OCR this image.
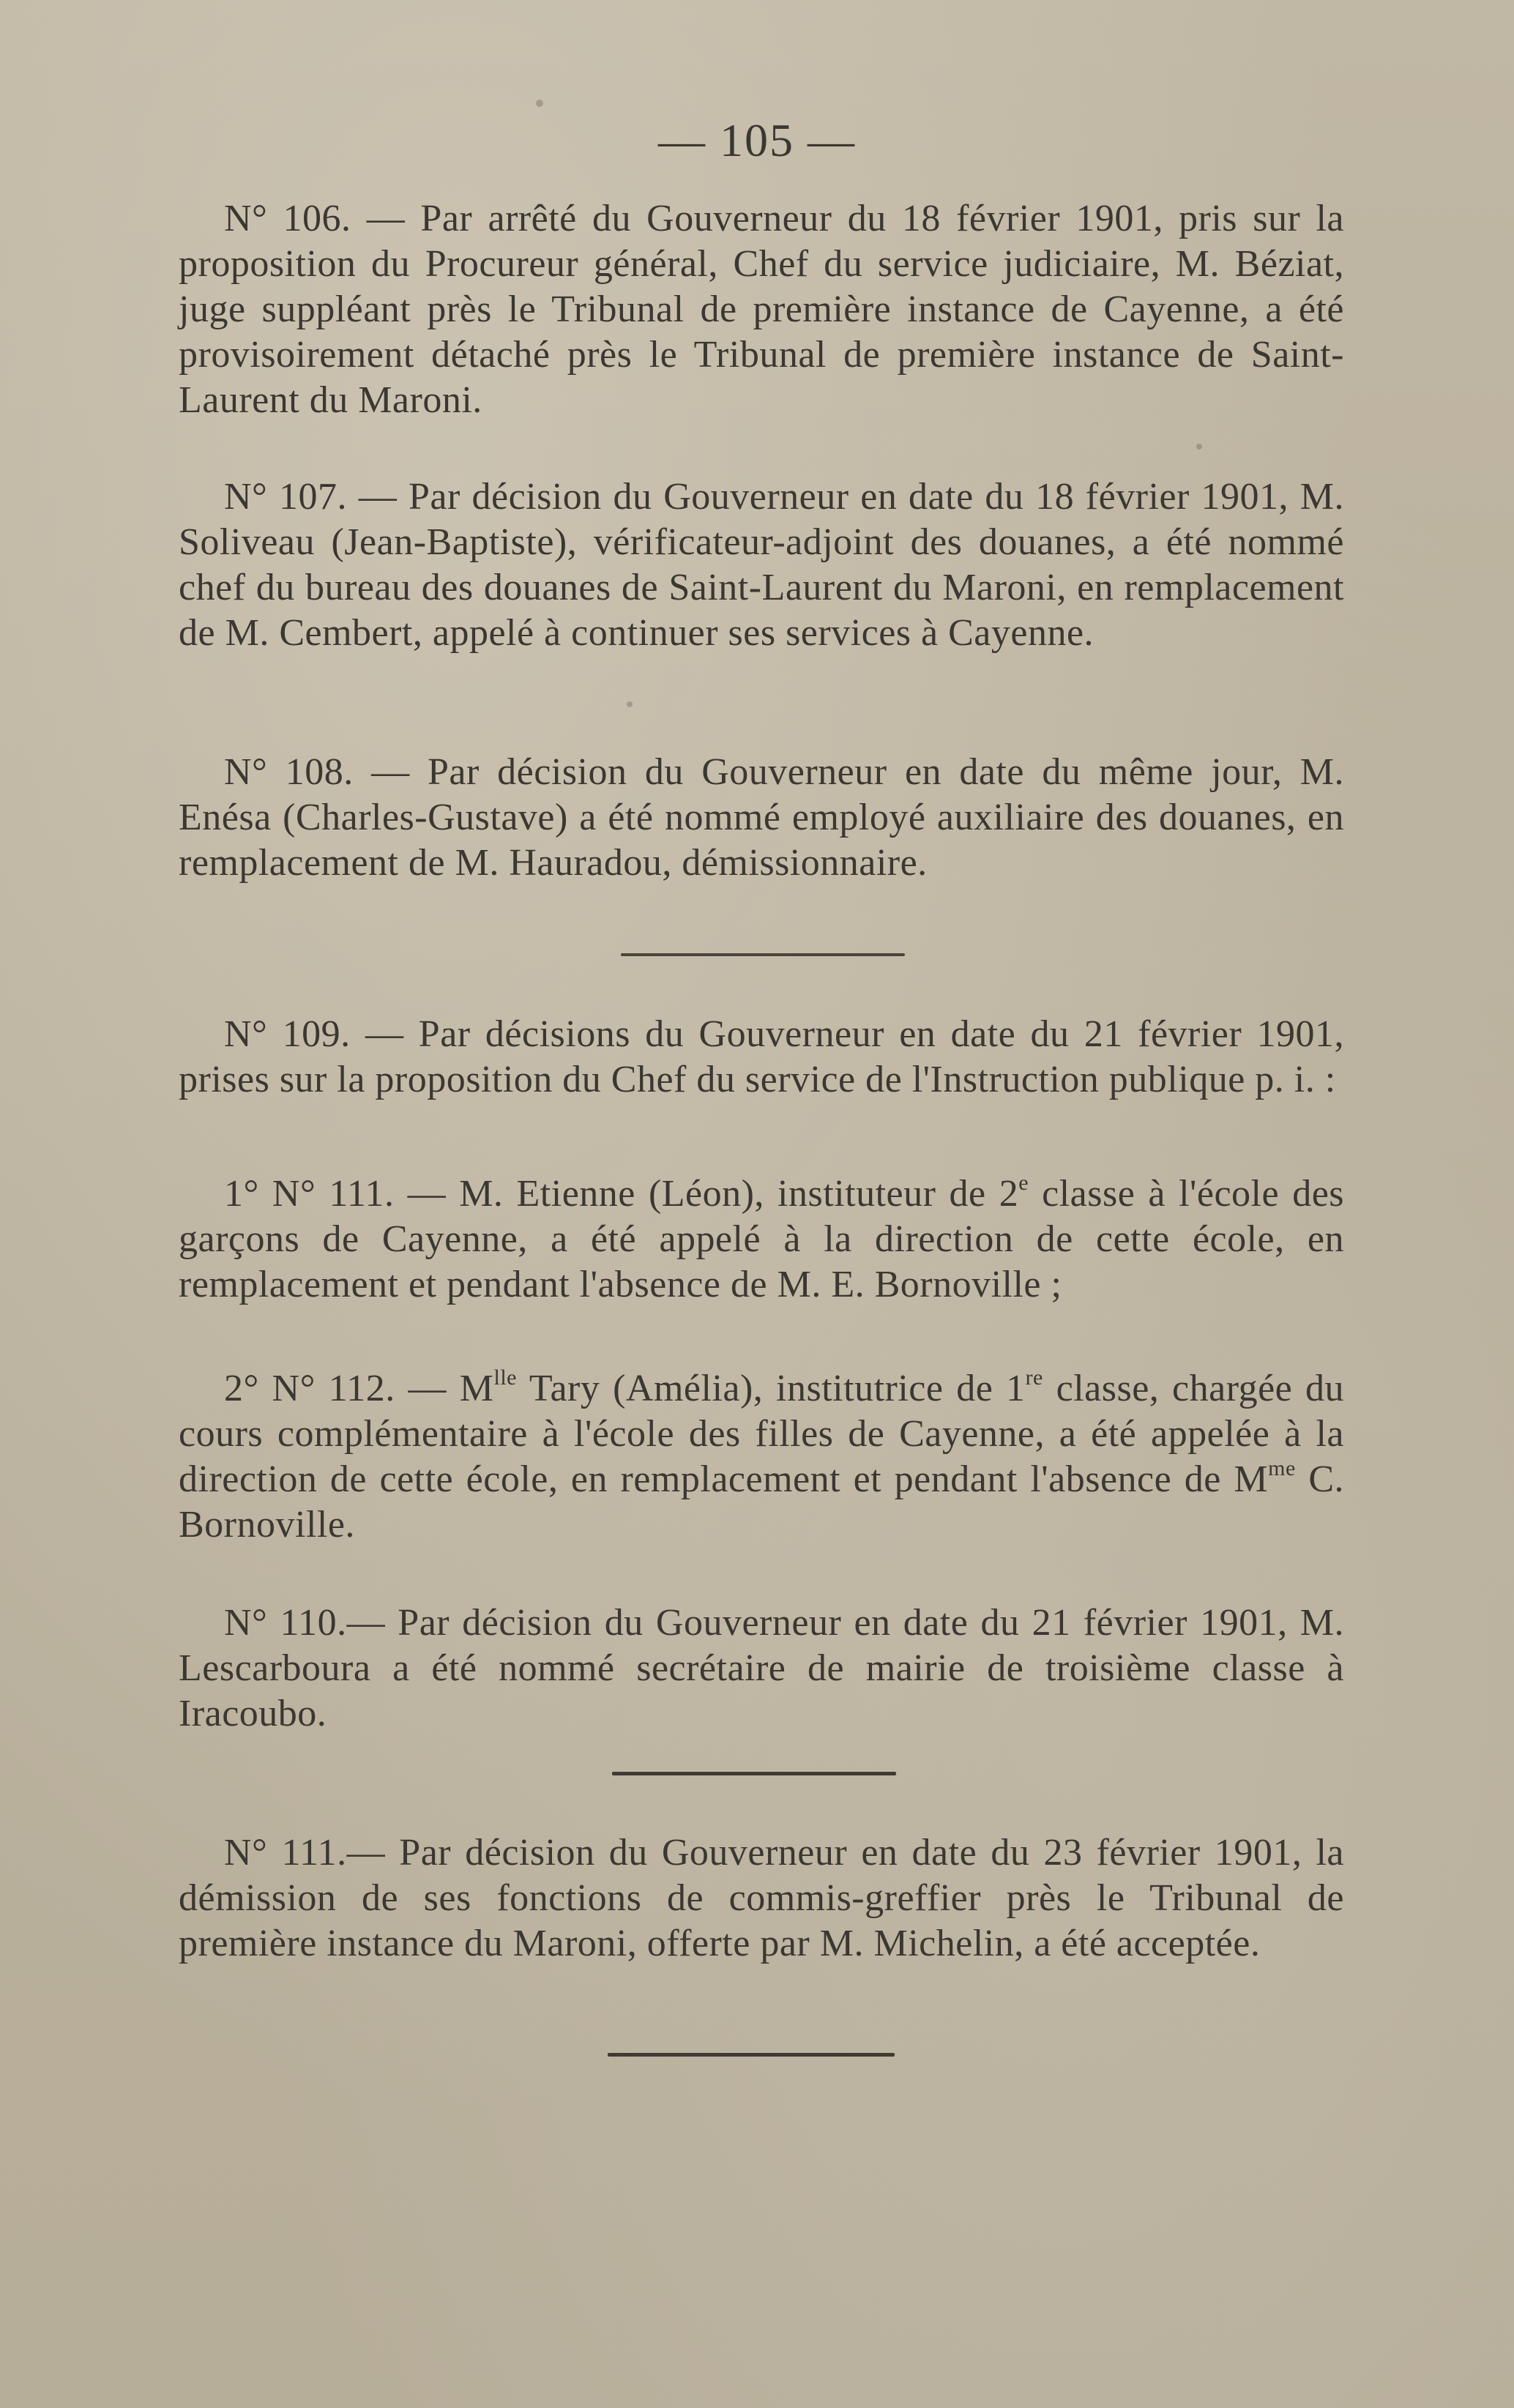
— 105 —

N° 106. — Par arrêté du Gouverneur du 18 février 1901, pris sur la proposition du Procureur général, Chef du service judiciaire, M. Béziat, juge suppléant près le Tribunal de première instance de Cayenne, a été provisoirement détaché près le Tribunal de première instance de Saint-Laurent du Maroni.

N° 107. — Par décision du Gouverneur en date du 18 février 1901, M. Soliveau (Jean-Baptiste), vérificateur-adjoint des douanes, a été nommé chef du bureau des douanes de Saint-Laurent du Maroni, en remplacement de M. Cembert, appelé à continuer ses services à Cayenne.

N° 108. — Par décision du Gouverneur en date du même jour, M. Enésa (Charles-Gustave) a été nommé employé auxiliaire des douanes, en remplacement de M. Hauradou, démissionnaire.

N° 109. — Par décisions du Gouverneur en date du 21 février 1901, prises sur la proposition du Chef du service de l'Instruction publique p. i. :

1° N° 111. — M. Etienne (Léon), instituteur de 2e classe à l'école des garçons de Cayenne, a été appelé à la direction de cette école, en remplacement et pendant l'absence de M. E. Bornoville ;

2° N° 112. — $M^{lle}$ Tary (Amélia), institutrice de 1re classe, chargée du cours complémentaire à l'école des filles de Cayenne, a été appelée à la direction de cette école, en remplacement et pendant l'absence de $M^{me}$ C. Bornoville.

N° 110.— Par décision du Gouverneur en date du 21 février 1901, M. Lescarboura a été nommé secrétaire de mairie de troisième classe à Iracoubo.

N° 111.— Par décision du Gouverneur en date du 23 février 1901, la démission de ses fonctions de commis-greffier près le Tribunal de première instance du Maroni, offerte par M. Michelin, a été acceptée.
